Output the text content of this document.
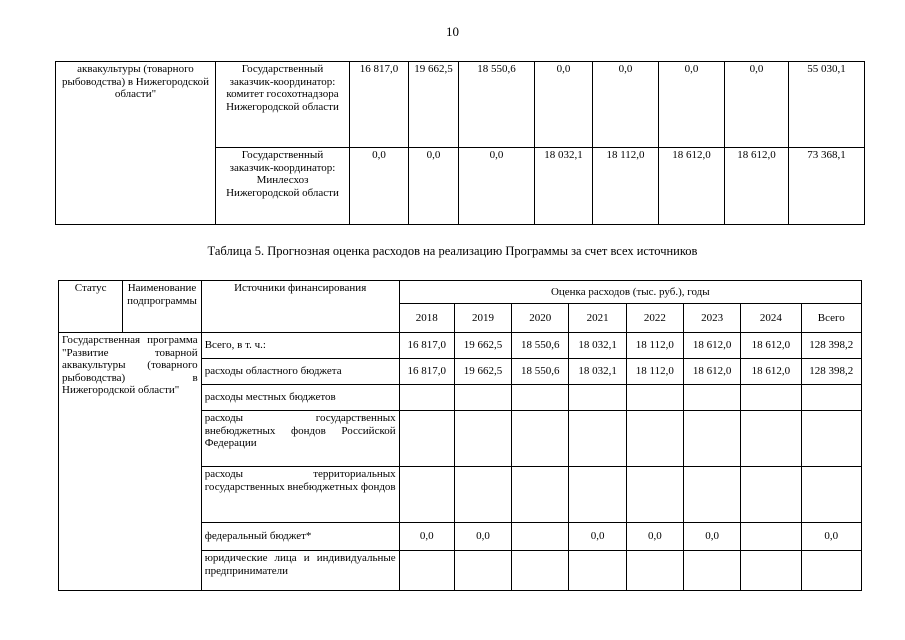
10
аквакультуры (товарного рыбоводства) в Нижегородской области"	Государственный заказчик-координатор: комитет госохотнадзора Нижегородской области	16 817,0	19 662,5	18 550,6	0,0	0,0	0,0	0,0	55 030,1
	Государственный заказчик-координатор: Минлесхоз Нижегородской области	0,0	0,0	0,0	18 032,1	18 112,0	18 612,0	18 612,0	73 368,1
Таблица 5. Прогнозная оценка расходов на реализацию Программы за счет всех источников
Статус	Наименование подпрограммы	Источники финансирования	Оценка расходов (тыс. руб.), годы							
			2018	2019	2020	2021	2022	2023	2024	Всего
Государственная программа "Развитие товарной аквакультуры (товарного рыбоводства) в Нижегородской области"		Всего, в т. ч.:	16 817,0	19 662,5	18 550,6	18 032,1	18 112,0	18 612,0	18 612,0	128 398,2
		расходы областного бюджета	16 817,0	19 662,5	18 550,6	18 032,1	18 112,0	18 612,0	18 612,0	128 398,2
		расходы местных бюджетов								
		расходы государственных внебюджетных фондов Российской Федерации								
		расходы территориальных государственных внебюджетных фондов								
		федеральный бюджет*	0,0	0,0		0,0	0,0	0,0		0,0
		юридические лица и индивидуальные предприниматели								
